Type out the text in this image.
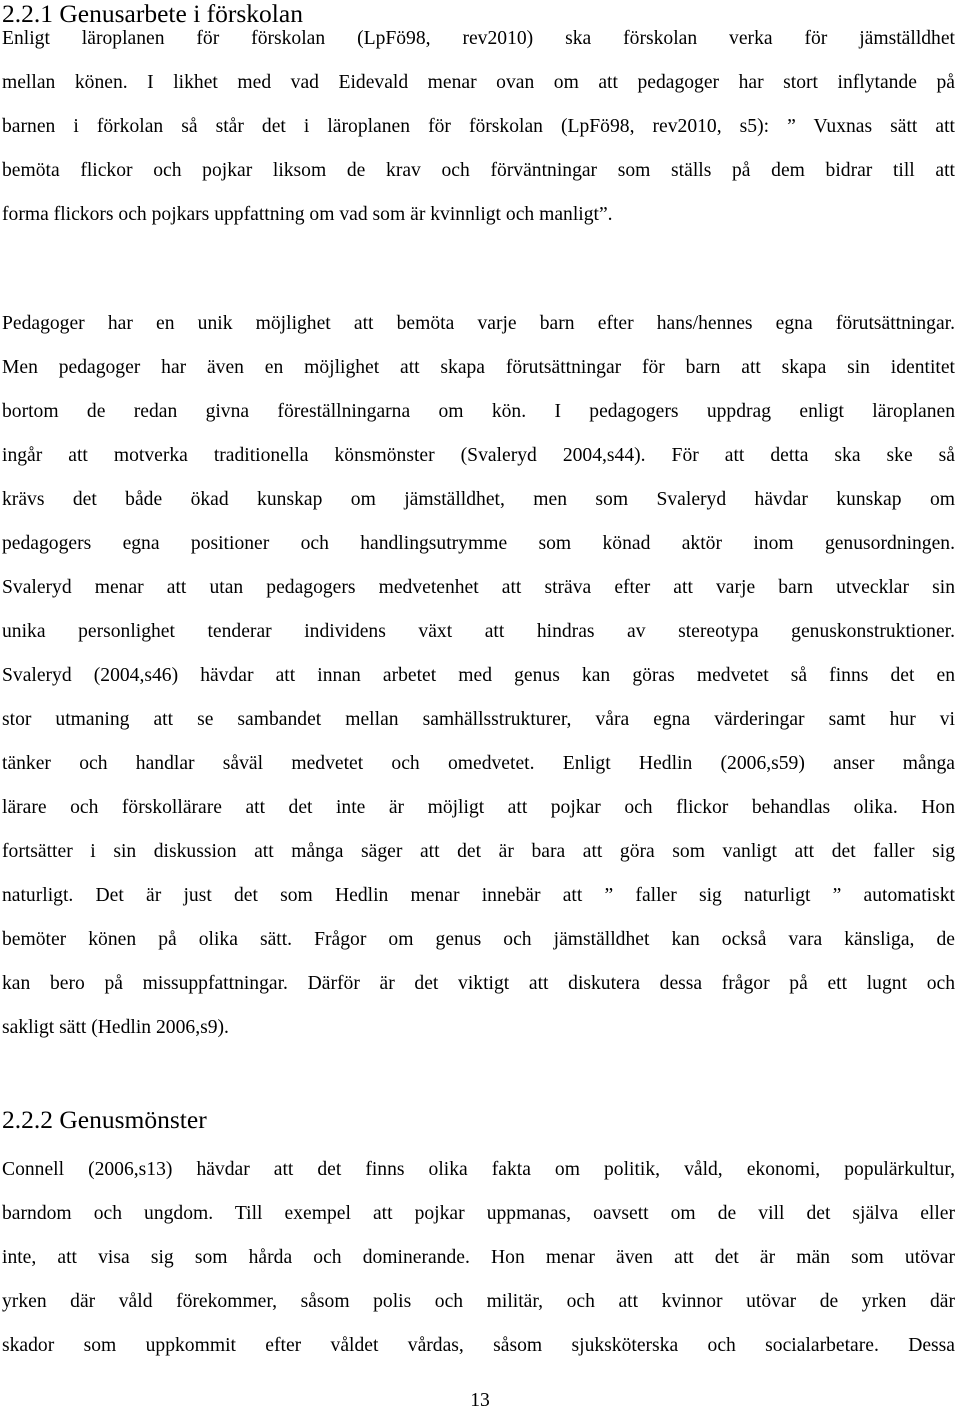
2.2.1 Genusarbete i förskolan
Enligt läroplanen för förskolan (LpFö98, rev2010) ska förskolan verka för jämställdhet
mellan könen. I likhet med vad Eidevald menar ovan om att pedagoger har stort inflytande på
barnen i förkolan så står det i läroplanen för förskolan (LpFö98, rev2010, s5): ” Vuxnas sätt att
bemöta flickor och pojkar liksom de krav och förväntningar som ställs på dem bidrar till att
forma flickors och pojkars uppfattning om vad som är kvinnligt och manligt”.
Pedagoger har en unik möjlighet att bemöta varje barn efter hans/hennes egna förutsättningar.
Men pedagoger har även en möjlighet att skapa förutsättningar för barn att skapa sin identitet
bortom de redan givna föreställningarna om kön. I pedagogers uppdrag enligt läroplanen
ingår att motverka traditionella könsmönster (Svaleryd 2004,s44). För att detta ska ske så
krävs det både ökad kunskap om jämställdhet, men som Svaleryd hävdar kunskap om
pedagogers egna positioner och handlingsutrymme som könad aktör inom genusordningen.
Svaleryd menar att utan pedagogers medvetenhet att sträva efter att varje barn utvecklar sin
unika personlighet tenderar individens växt att hindras av stereotypa genuskonstruktioner.
Svaleryd (2004,s46) hävdar att innan arbetet med genus kan göras medvetet så finns det en
stor utmaning att se sambandet mellan samhällsstrukturer, våra egna värderingar samt hur vi
tänker och handlar såväl medvetet och omedvetet. Enligt Hedlin (2006,s59) anser många
lärare och förskollärare att det inte är möjligt att pojkar och flickor behandlas olika. Hon
fortsätter i sin diskussion att många säger att det är bara att göra som vanligt att det faller sig
naturligt. Det är just det som Hedlin menar innebär att ” faller sig naturligt ” automatiskt
bemöter könen på olika sätt. Frågor om genus och jämställdhet kan också vara känsliga, de
kan bero på missuppfattningar. Därför är det viktigt att diskutera dessa frågor på ett lugnt och
sakligt sätt (Hedlin 2006,s9).
2.2.2 Genusmönster
Connell (2006,s13) hävdar att det finns olika fakta om politik, våld, ekonomi, populärkultur,
barndom och ungdom. Till exempel att pojkar uppmanas, oavsett om de vill det själva eller
inte, att visa sig som hårda och dominerande. Hon menar även att det är män som utövar
yrken där våld förekommer, såsom polis och militär, och att kvinnor utövar de yrken där
skador som uppkommit efter våldet vårdas, såsom sjuksköterska och socialarbetare. Dessa
13
